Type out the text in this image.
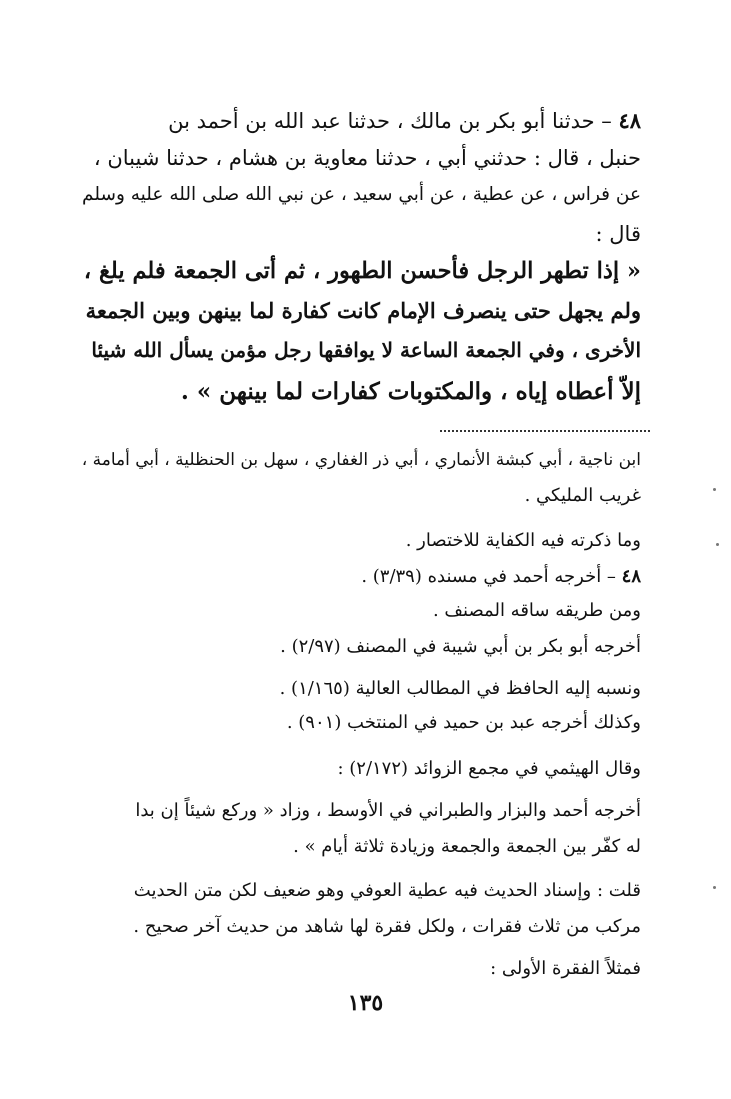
٤٨ – حدثنا أبو بكر بن مالك ، حدثنا عبد الله بن أحمد بن
حنبل ، قال : حدثني أبي ، حدثنا معاوية بن هشام ، حدثنا شيبان ،
عن فراس ، عن عطية ، عن أبي سعيد ، عن نبي الله صلى الله عليه وسلم
قال :
« إذا تطهر الرجل فأحسن الطهور ، ثم أتى الجمعة فلم يلغ ،
ولم يجهل حتى ينصرف الإمام كانت كفارة لما بينهن وبين الجمعة
الأخرى ، وفي الجمعة الساعة لا يوافقها رجل مؤمن يسأل الله شيئا
إلاّ أعطاه إياه ، والمكتوبات كفارات لما بينهن » .
ابن ناجية ، أبي كبشة الأنماري ، أبي ذر الغفاري ، سهل بن الحنظلية ، أبي أمامة ،
غريب المليكي .
وما ذكرته فيه الكفاية للاختصار .
٤٨ – أخرجه أحمد في مسنده (٣/٣٩) .
ومن طريقه ساقه المصنف .
أخرجه أبو بكر بن أبي شيبة في المصنف (٢/٩٧) .
ونسبه إليه الحافظ في المطالب العالية (١/١٦٥) .
وكذلك أخرجه عبد بن حميد في المنتخب (٩٠١) .
وقال الهيثمي في مجمع الزوائد (٢/١٧٢) :
أخرجه أحمد والبزار والطبراني في الأوسط ، وزاد « وركع شيئاً إن بدا
له كفّر بين الجمعة والجمعة وزيادة ثلاثة أيام » .
قلت : وإسناد الحديث فيه عطية العوفي وهو ضعيف لكن متن الحديث
مركب من ثلاث فقرات ، ولكل فقرة لها شاهد من حديث آخر صحيح .
فمثلاً الفقرة الأولى :
١٣٥
